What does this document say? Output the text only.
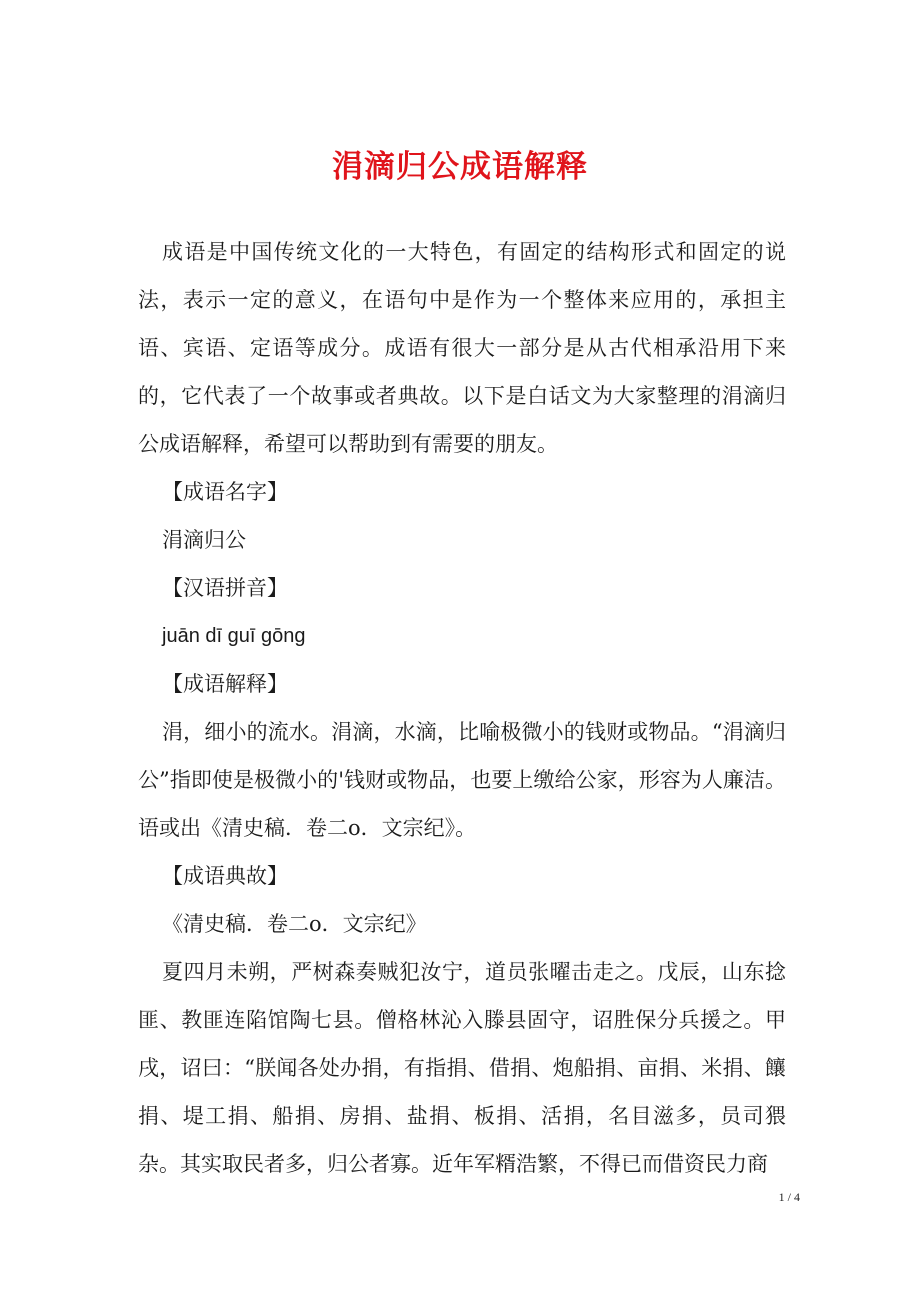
涓滴归公成语解释

成语是中国传统文化的一大特色，有固定的结构形式和固定的说法，表示一定的意义，在语句中是作为一个整体来应用的，承担主语、宾语、定语等成分。成语有很大一部分是从古代相承沿用下来的，它代表了一个故事或者典故。以下是白话文为大家整理的涓滴归公成语解释，希望可以帮助到有需要的朋友。

【成语名字】

涓滴归公

【汉语拼音】

juān dī guī gōng

【成语解释】

涓，细小的流水。涓滴，水滴，比喻极微小的钱财或物品。“涓滴归公”指即使是极微小的'钱财或物品，也要上缴给公家，形容为人廉洁。语或出《清史稿．卷二o．文宗纪》。

【成语典故】

《清史稿．卷二o．文宗纪》

夏四月未朔，严树森奏贼犯汝宁，道员张曜击走之。戊辰，山东捻匪、教匪连陷馆陶七县。僧格林沁入滕县固守，诏胜保分兵援之。甲戌，诏曰：“朕闻各处办捐，有指捐、借捐、炮船捐、亩捐、米捐、饟捐、堤工捐、船捐、房捐、盐捐、板捐、活捐，名目滋多，员司猥杂。其实取民者多，归公者寡。近年军糈浩繁，不得已而借资民力商

1 / 4
